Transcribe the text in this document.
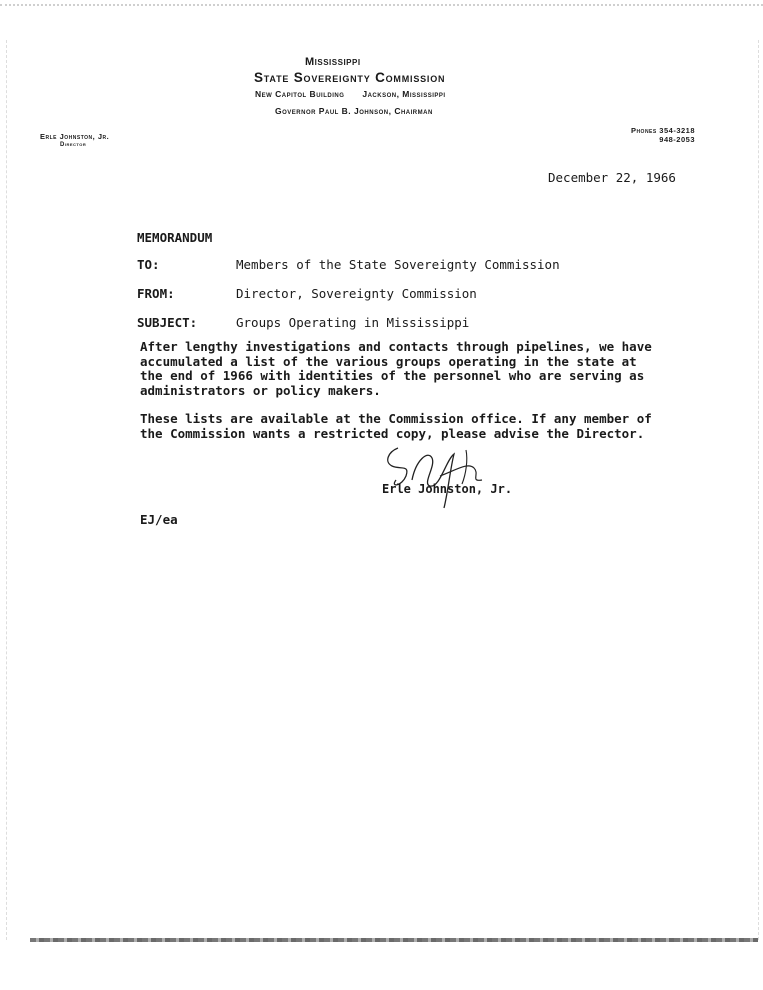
Mississippi
State Sovereignty Commission
New Capitol Building Jackson, Mississippi
Governor Paul B. Johnson, Chairman
Erle Johnston, Jr.
Director
Phones 354-3218
948-2053
December 22, 1966
MEMORANDUM
TO:	Members of the State Sovereignty Commission
FROM:	Director, Sovereignty Commission
SUBJECT:	Groups Operating in Mississippi
After lengthy investigations and contacts through pipelines, we have accumulated a list of the various groups operating in the state at the end of 1966 with identities of the personnel who are serving as administrators or policy makers.
These lists are available at the Commission office. If any member of the Commission wants a restricted copy, please advise the Director.
Erle Johnston, Jr.
EJ/ea
